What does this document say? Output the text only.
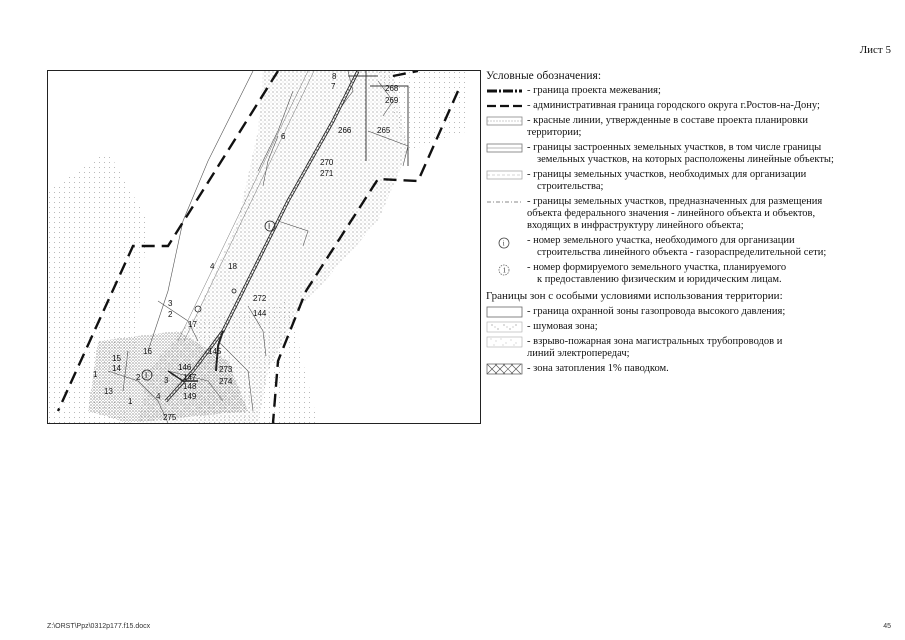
Лист 5
8
7	268
269
266	265
6
270
271
I
4 18
272
144
3
2
17
16	145
15
14	146	273
147	274
1	2	3
148
13
4	149
1
275
I
Условные обозначения:
- граница проекта межевания;
- административная граница городского округа г.Ростов-на-Дону;
- красные линии, утвержденные в составе проекта планировки
территории;
- границы застроенных земельных участков, в том числе границы
земельных участков, на которых расположены линейные объекты;
- границы земельных участков, необходимых для организации
строительства;
- границы земельных участков, предназначенных для размещения
объекта федерального значения - линейного объекта и объектов,
входящих в инфраструктуру линейного объекта;
i - номер земельного участка, необходимого для организации
строительства линейного объекта - газораспределительной сети;
1 - номер формируемого земельного участка, планируемого
к предоставлению физическим и юридическим лицам.
Границы зон с особыми условиями использования территории:
- граница охранной зоны газопровода высокого давления;
- шумовая зона;
- взрыво-пожарная зона магистральных трубопроводов и
линий электропередач;
- зона затопления 1% паводком.
Z:\ORST\Ppz\0312p177.f15.docx	45
